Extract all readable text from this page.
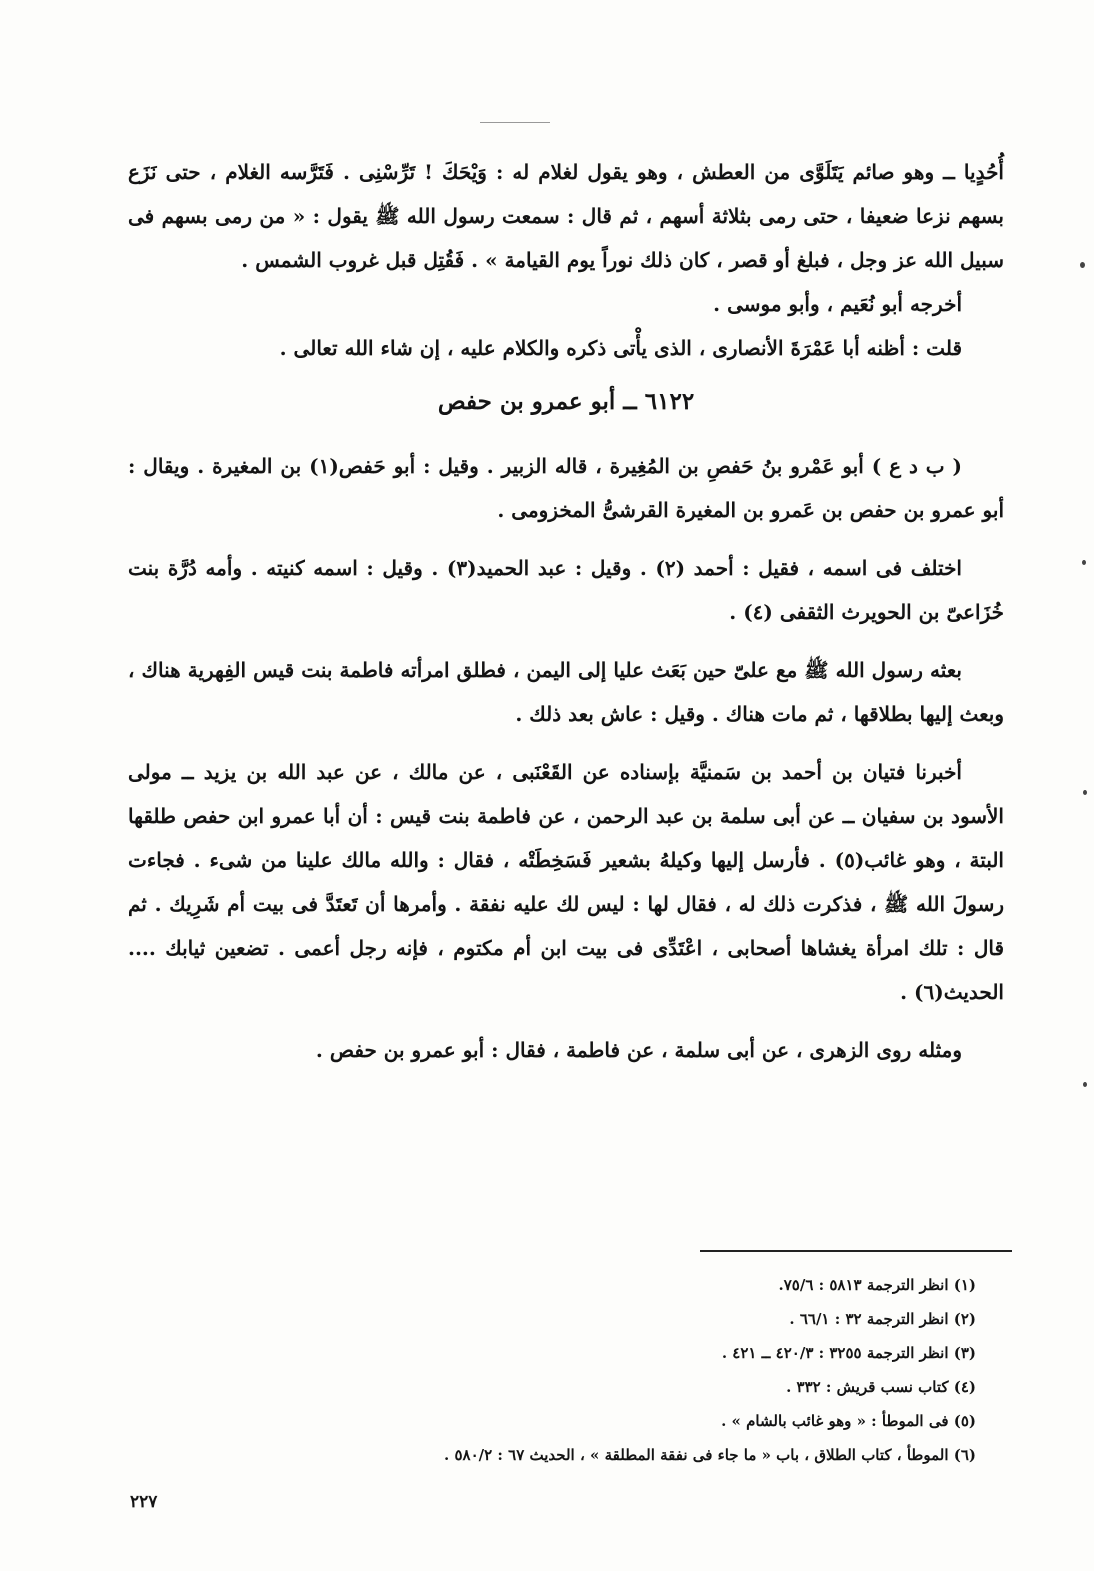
أُحُدٍيا ــ وهو صائم يَتَلَوَّى من العطش ، وهو يقول لغلام له : وَيْحَكَ ! تَرِّسْنِى . فَتَرَّسه الغلام ، حتى نَزَع بسهم نزعا ضعيفا ، حتى رمى بثلاثة أسهم ، ثم قال : سمعت رسول الله ﷺ يقول : « من رمى بسهم فى سبيل الله عز وجل ، فبلغ أو قصر ، كان ذلك نوراً يوم القيامة » . فَقُتِل قبل غروب الشمس .

أخرجه أبو نُعَيم ، وأبو موسى .

قلت : أظنه أبا عَمْرَةَ الأنصارى ، الذى يأْتى ذكره والكلام عليه ، إن شاء الله تعالى .

٦١٢٢ ــ أبو عمرو بن حفص

( ب د ع ) أبو عَمْرو بنُ حَفصِ بن المُغِيرة ، قاله الزبير . وقيل : أبو حَفص(١) بن المغيرة . ويقال : أبو عمرو بن حفص بن عَمرو بن المغيرة القرشىُّ المخزومى .

اختلف فى اسمه ، فقيل : أحمد (٢) . وقيل : عبد الحميد(٣) . وقيل : اسمه كنيته . وأمه دُرَّة بنت خُزَاعىّ بن الحويرث الثقفى (٤) .

بعثه رسول الله ﷺ مع علىّ حين بَعَث عليا إلى اليمن ، فطلق امرأته فاطمة بنت قيس الفِهرية هناك ، وبعث إليها بطلاقها ، ثم مات هناك . وقيل : عاش بعد ذلك .

أخبرنا فتيان بن أحمد بن سَمنيَّة بإسناده عن القَعْنَبى ، عن مالك ، عن عبد الله بن يزيد ــ مولى الأسود بن سفيان ــ عن أبى سلمة بن عبد الرحمن ، عن فاطمة بنت قيس : أن أبا عمرو ابن حفص طلقها البتة ، وهو غائب(٥) . فأرسل إليها وكيلهُ بشعير فَسَخِطَتْه ، فقال : والله مالك علينا من شىء . فجاءت رسولَ الله ﷺ ، فذكرت ذلك له ، فقال لها : ليس لك عليه نفقة . وأمرها أن تَعتَدَّ فى بيت أم شَرِيك . ثم قال : تلك امرأة يغشاها أصحابى ، اعْتَدِّى فى بيت ابن أم مكتوم ، فإنه رجل أعمى . تضعين ثيابك .... الحديث(٦) .

ومثله روى الزهرى ، عن أبى سلمة ، عن فاطمة ، فقال : أبو عمرو بن حفص .

(١) انظر الترجمة ٥٨١٣ : ٧٥/٦.

(٢) انظر الترجمة ٣٢ : ٦٦/١ .

(٣) انظر الترجمة ٣٢٥٥ : ٤٢٠/٣ ــ ٤٢١ .

(٤) كتاب نسب قريش : ٣٣٢ .

(٥) فى الموطأ : « وهو غائب بالشام » .

(٦) الموطأ ، كتاب الطلاق ، باب « ما جاء فى نفقة المطلقة » ، الحديث ٦٧ : ٥٨٠/٢ .

٢٢٧
